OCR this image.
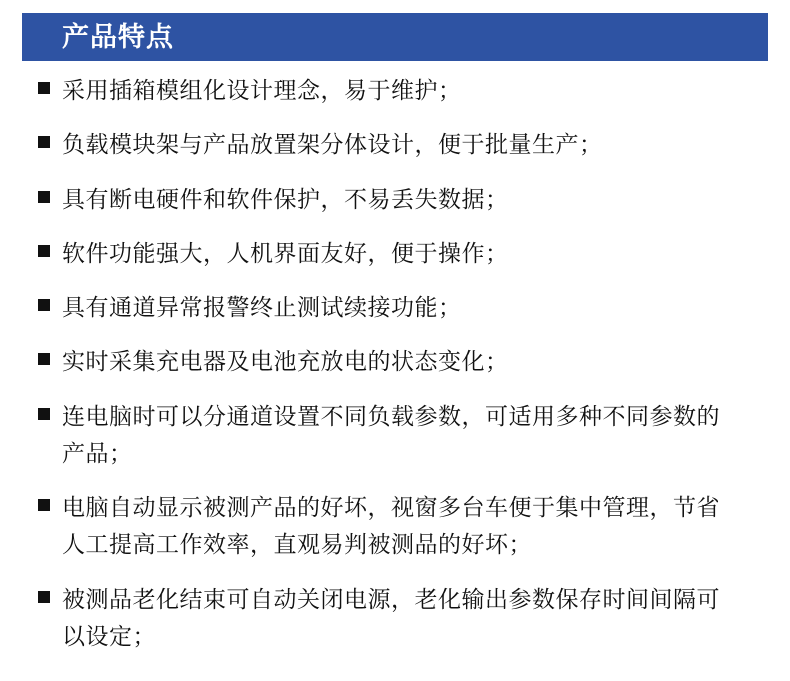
产品特点
采用插箱模组化设计理念，易于维护；
负载模块架与产品放置架分体设计，便于批量生产；
具有断电硬件和软件保护，不易丢失数据；
软件功能强大，人机界面友好，便于操作；
具有通道异常报警终止测试续接功能；
实时采集充电器及电池充放电的状态变化；
连电脑时可以分通道设置不同负载参数，可适用多种不同参数的产品；
电脑自动显示被测产品的好坏，视窗多台车便于集中管理，节省人工提高工作效率，直观易判被测品的好坏；
被测品老化结束可自动关闭电源，老化输出参数保存时间间隔可以设定；
